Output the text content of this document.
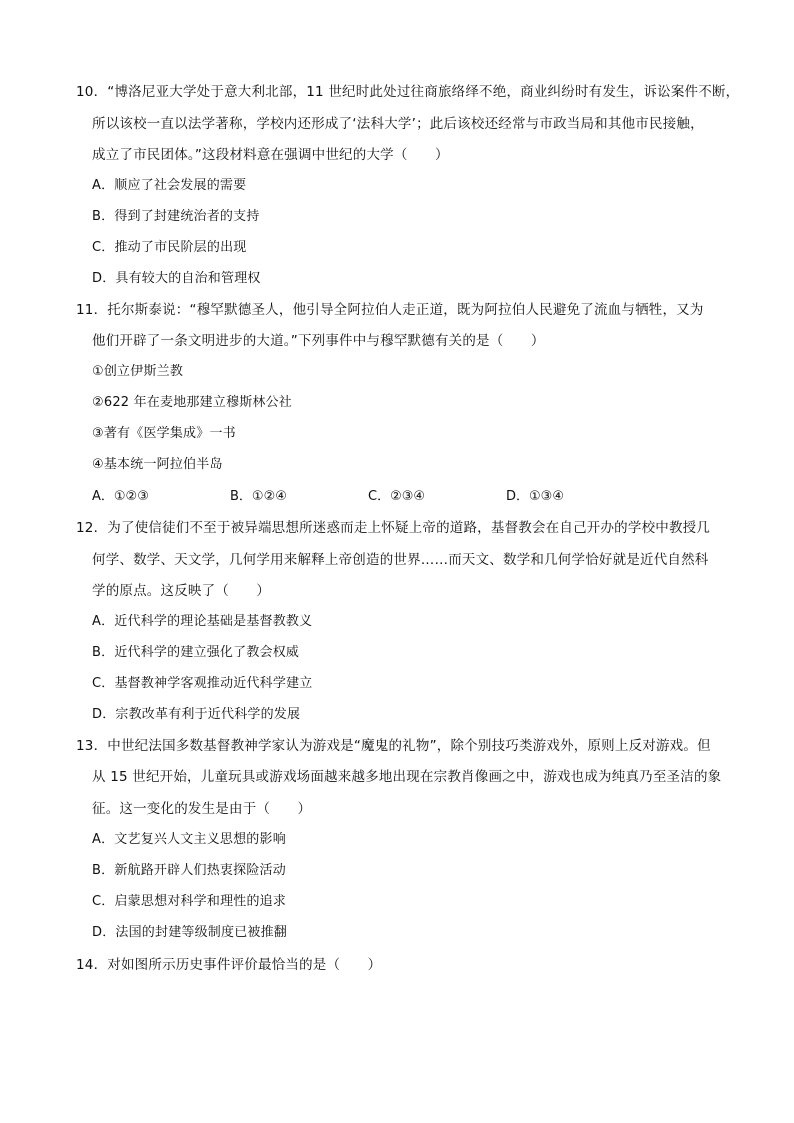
10．“博洛尼亚大学处于意大利北部，11 世纪时此处过往商旅络绎不绝，商业纠纷时有发生，诉讼案件不断，
所以该校一直以法学著称，学校内还形成了‘法科大学’；此后该校还经常与市政当局和其他市民接触，
成立了市民团体。”这段材料意在强调中世纪的大学（　　）
A．顺应了社会发展的需要
B．得到了封建统治者的支持
C．推动了市民阶层的出现
D．具有较大的自治和管理权
11．托尔斯泰说：“穆罕默德圣人，他引导全阿拉伯人走正道，既为阿拉伯人民避免了流血与牺牲，又为
他们开辟了一条文明进步的大道。”下列事件中与穆罕默德有关的是（　　）
①创立伊斯兰教
②622 年在麦地那建立穆斯林公社
③著有《医学集成》一书
④基本统一阿拉伯半岛
A．①②③	B．①②④	C．②③④	D．①③④
12．为了使信徒们不至于被异端思想所迷惑而走上怀疑上帝的道路，基督教会在自己开办的学校中教授几
何学、数学、天文学，几何学用来解释上帝创造的世界……而天文、数学和几何学恰好就是近代自然科
学的原点。这反映了（　　）
A．近代科学的理论基础是基督教教义
B．近代科学的建立强化了教会权威
C．基督教神学客观推动近代科学建立
D．宗教改革有利于近代科学的发展
13．中世纪法国多数基督教神学家认为游戏是“魔鬼的礼物”，除个别技巧类游戏外，原则上反对游戏。但
从 15 世纪开始，儿童玩具或游戏场面越来越多地出现在宗教肖像画之中，游戏也成为纯真乃至圣洁的象
征。这一变化的发生是由于（　　）
A．文艺复兴人文主义思想的影响
B．新航路开辟人们热衷探险活动
C．启蒙思想对科学和理性的追求
D．法国的封建等级制度已被推翻
14．对如图所示历史事件评价最恰当的是（　　）
